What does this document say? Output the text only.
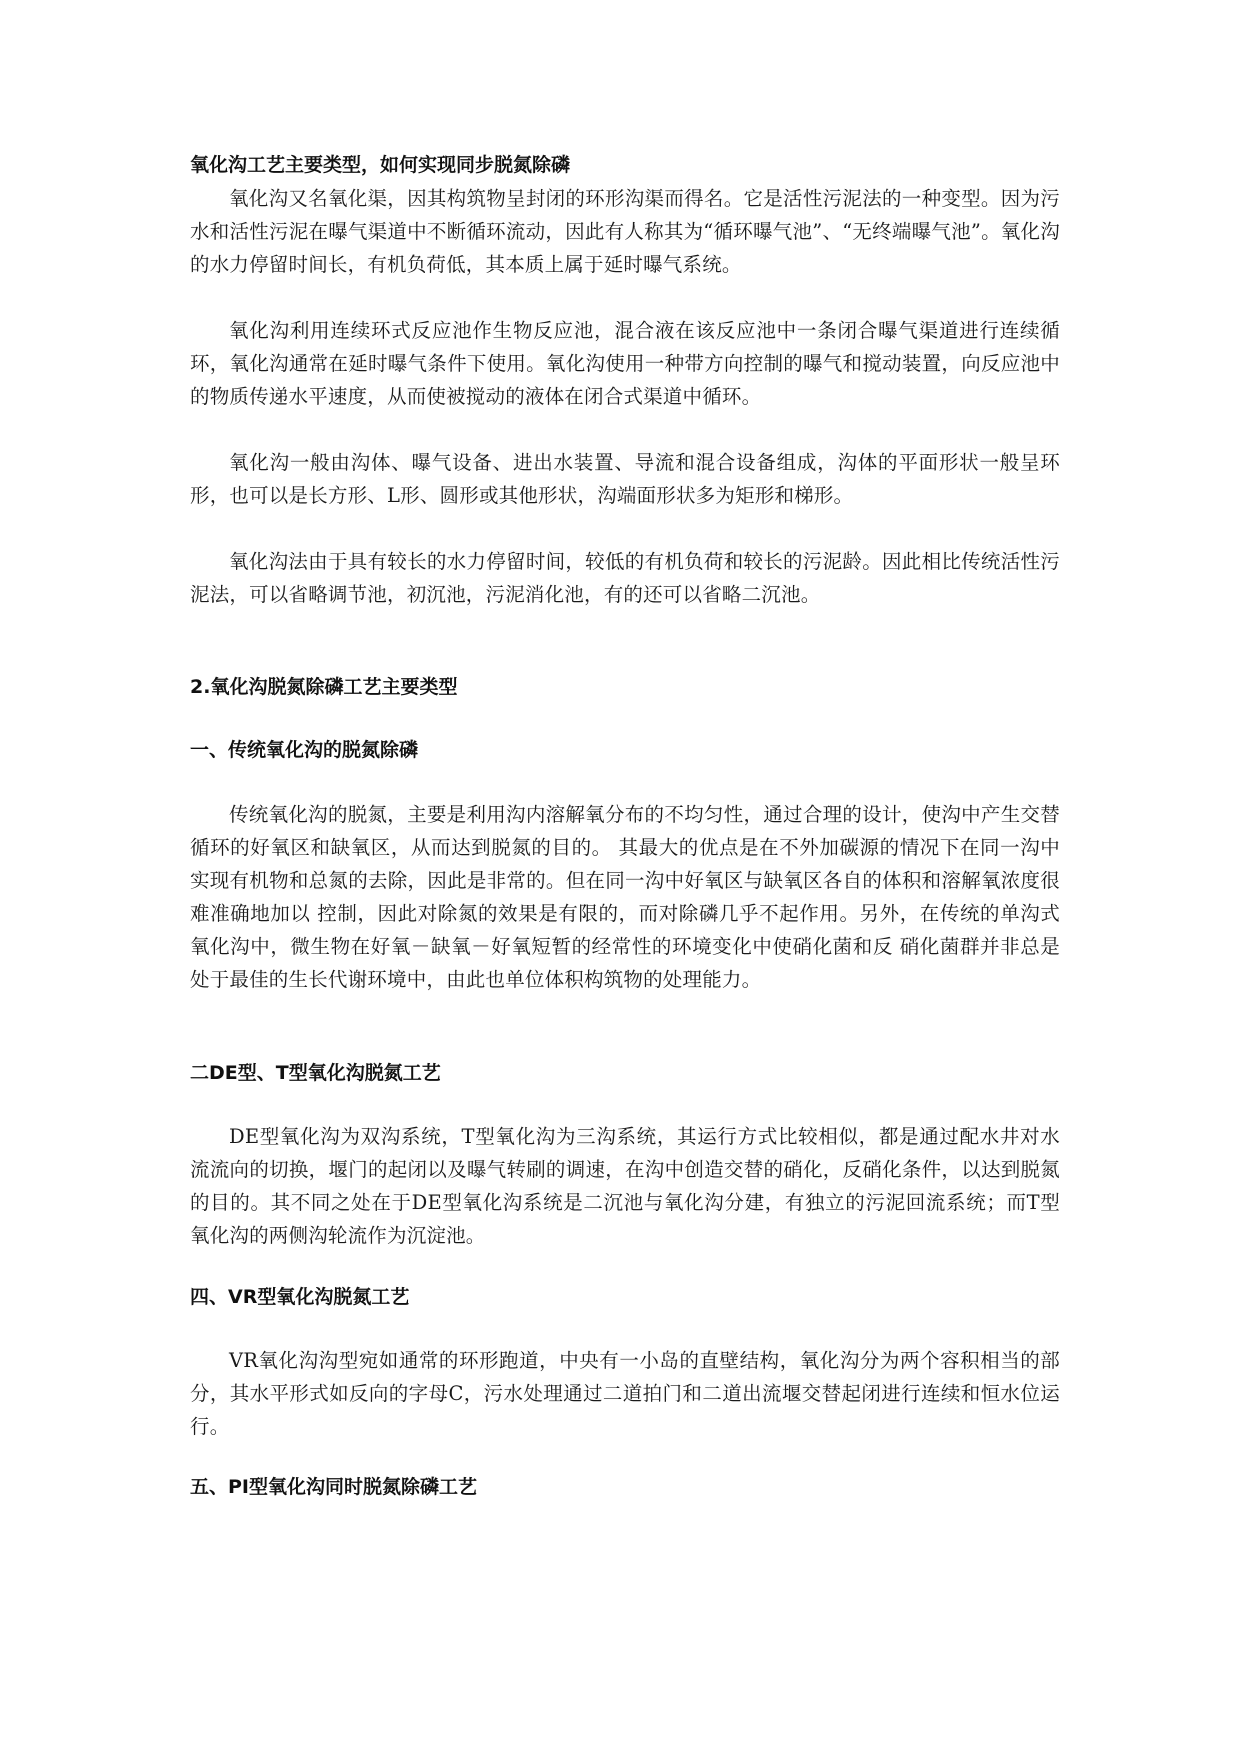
氧化沟工艺主要类型，如何实现同步脱氮除磷

氧化沟又名氧化渠，因其构筑物呈封闭的环形沟渠而得名。它是活性污泥法的一种变型。因为污水和活性污泥在曝气渠道中不断循环流动，因此有人称其为“循环曝气池”、“无终端曝气池”。氧化沟的水力停留时间长，有机负荷低，其本质上属于延时曝气系统。

氧化沟利用连续环式反应池作生物反应池，混合液在该反应池中一条闭合曝气渠道进行连续循环，氧化沟通常在延时曝气条件下使用。氧化沟使用一种带方向控制的曝气和搅动装置，向反应池中的物质传递水平速度，从而使被搅动的液体在闭合式渠道中循环。

氧化沟一般由沟体、曝气设备、进出水装置、导流和混合设备组成，沟体的平面形状一般呈环形，也可以是长方形、L形、圆形或其他形状，沟端面形状多为矩形和梯形。

氧化沟法由于具有较长的水力停留时间，较低的有机负荷和较长的污泥龄。因此相比传统活性污泥法，可以省略调节池，初沉池，污泥消化池，有的还可以省略二沉池。

2.氧化沟脱氮除磷工艺主要类型
一、传统氧化沟的脱氮除磷

传统氧化沟的脱氮，主要是利用沟内溶解氧分布的不均匀性，通过合理的设计，使沟中产生交替循环的好氧区和缺氧区，从而达到脱氮的目的。 其最大的优点是在不外加碳源的情况下在同一沟中实现有机物和总氮的去除，因此是非常的。但在同一沟中好氧区与缺氧区各自的体积和溶解氧浓度很难准确地加以 控制，因此对除氮的效果是有限的，而对除磷几乎不起作用。另外，在传统的单沟式氧化沟中，微生物在好氧－缺氧－好氧短暂的经常性的环境变化中使硝化菌和反 硝化菌群并非总是处于最佳的生长代谢环境中，由此也单位体积构筑物的处理能力。

二DE型、T型氧化沟脱氮工艺

DE型氧化沟为双沟系统，T型氧化沟为三沟系统，其运行方式比较相似，都是通过配水井对水流流向的切换，堰门的起闭以及曝气转刷的调速，在沟中创造交替的硝化，反硝化条件，以达到脱氮的目的。其不同之处在于DE型氧化沟系统是二沉池与氧化沟分建，有独立的污泥回流系统；而T型氧化沟的两侧沟轮流作为沉淀池。

四、VR型氧化沟脱氮工艺

VR氧化沟沟型宛如通常的环形跑道，中央有一小岛的直壁结构，氧化沟分为两个容积相当的部分，其水平形式如反向的字母C，污水处理通过二道拍门和二道出流堰交替起闭进行连续和恒水位运行。

五、PI型氧化沟同时脱氮除磷工艺
